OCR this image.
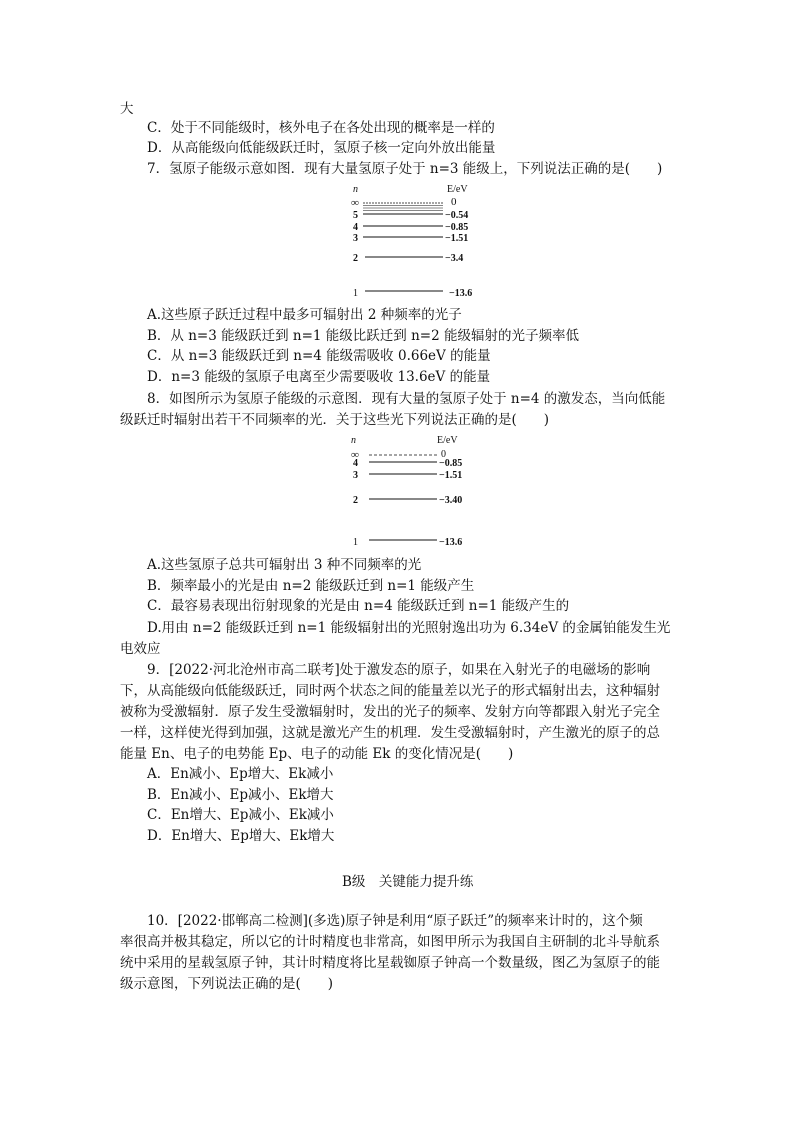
大
C．处于不同能级时，核外电子在各处出现的概率是一样的
D．从高能级向低能级跃迁时，氢原子核一定向外放出能量
7．氢原子能级示意如图．现有大量氢原子处于 n=3 能级上，下列说法正确的是(　　)
n	E/eV
∞	0
5	−0.54
4	−0.85
3	−1.51
2	−3.4
1	−13.6
A.这些原子跃迁过程中最多可辐射出 2 种频率的光子
B．从 n=3 能级跃迁到 n=1 能级比跃迁到 n=2 能级辐射的光子频率低
C．从 n=3 能级跃迁到 n=4 能级需吸收 0.66eV 的能量
D．n=3 能级的氢原子电离至少需要吸收 13.6eV 的能量
8．如图所示为氢原子能级的示意图．现有大量的氢原子处于 n=4 的激发态，当向低能
级跃迁时辐射出若干不同频率的光．关于这些光下列说法正确的是(　　)
n	E/eV
∞	0
4	−0.85
3	−1.51
2	−3.40
1	−13.6
A.这些氢原子总共可辐射出 3 种不同频率的光
B．频率最小的光是由 n=2 能级跃迁到 n=1 能级产生
C．最容易表现出衍射现象的光是由 n=4 能级跃迁到 n=1 能级产生的
D.用由 n=2 能级跃迁到 n=1 能级辐射出的光照射逸出功为 6.34eV 的金属铂能发生光
电效应
9．[2022·河北沧州市高二联考]处于激发态的原子，如果在入射光子的电磁场的影响
下，从高能级向低能级跃迁，同时两个状态之间的能量差以光子的形式辐射出去，这种辐射
被称为受激辐射．原子发生受激辐射时，发出的光子的频率、发射方向等都跟入射光子完全
一样，这样使光得到加强，这就是激光产生的机理．发生受激辐射时，产生激光的原子的总
能量 En、电子的电势能 Ep、电子的动能 Ek 的变化情况是(　　)
A．En减小、Ep增大、Ek减小
B．En减小、Ep减小、Ek增大
C．En增大、Ep减小、Ek减小
D．En增大、Ep增大、Ek增大
B级　关键能力提升练
10．[2022·邯郸高二检测](多选)原子钟是利用“原子跃迁”的频率来计时的，这个频
率很高并极其稳定，所以它的计时精度也非常高，如图甲所示为我国自主研制的北斗导航系
统中采用的星载氢原子钟，其计时精度将比星载铷原子钟高一个数量级，图乙为氢原子的能
级示意图，下列说法正确的是(　　)
